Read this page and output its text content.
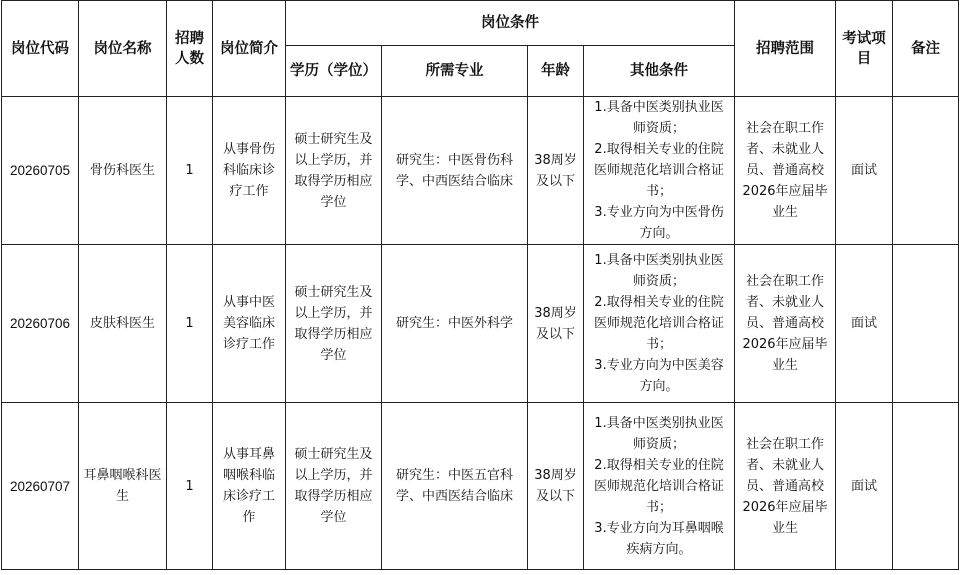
岗位代码	岗位名称	招聘人数	岗位简介	岗位条件				招聘范围	考试项目	备注
				学历（学位）	所需专业	年龄	其他条件			
20260705	骨伤科医生	1	从事骨伤科临床诊疗工作	硕士研究生及以上学历，并取得学历相应学位	研究生：中医骨伤科学、中西医结合临床	38周岁及以下	1.具备中医类别执业医师资质；
2.取得相关专业的住院医师规范化培训合格证书；
3.专业方向为中医骨伤方向。	社会在职工作者、未就业人员、普通高校2026年应届毕业生	面试	
20260706	皮肤科医生	1	从事中医美容临床诊疗工作	硕士研究生及以上学历，并取得学历相应学位	研究生：中医外科学	38周岁及以下	1.具备中医类别执业医师资质；
2.取得相关专业的住院医师规范化培训合格证书；
3.专业方向为中医美容方向。	社会在职工作者、未就业人员、普通高校2026年应届毕业生	面试	
20260707	耳鼻咽喉科医生	1	从事耳鼻咽喉科临床诊疗工作	硕士研究生及以上学历，并取得学历相应学位	研究生：中医五官科学、中西医结合临床	38周岁及以下	1.具备中医类别执业医师资质；
2.取得相关专业的住院医师规范化培训合格证书；
3.专业方向为耳鼻咽喉疾病方向。	社会在职工作者、未就业人员、普通高校2026年应届毕业生	面试	
